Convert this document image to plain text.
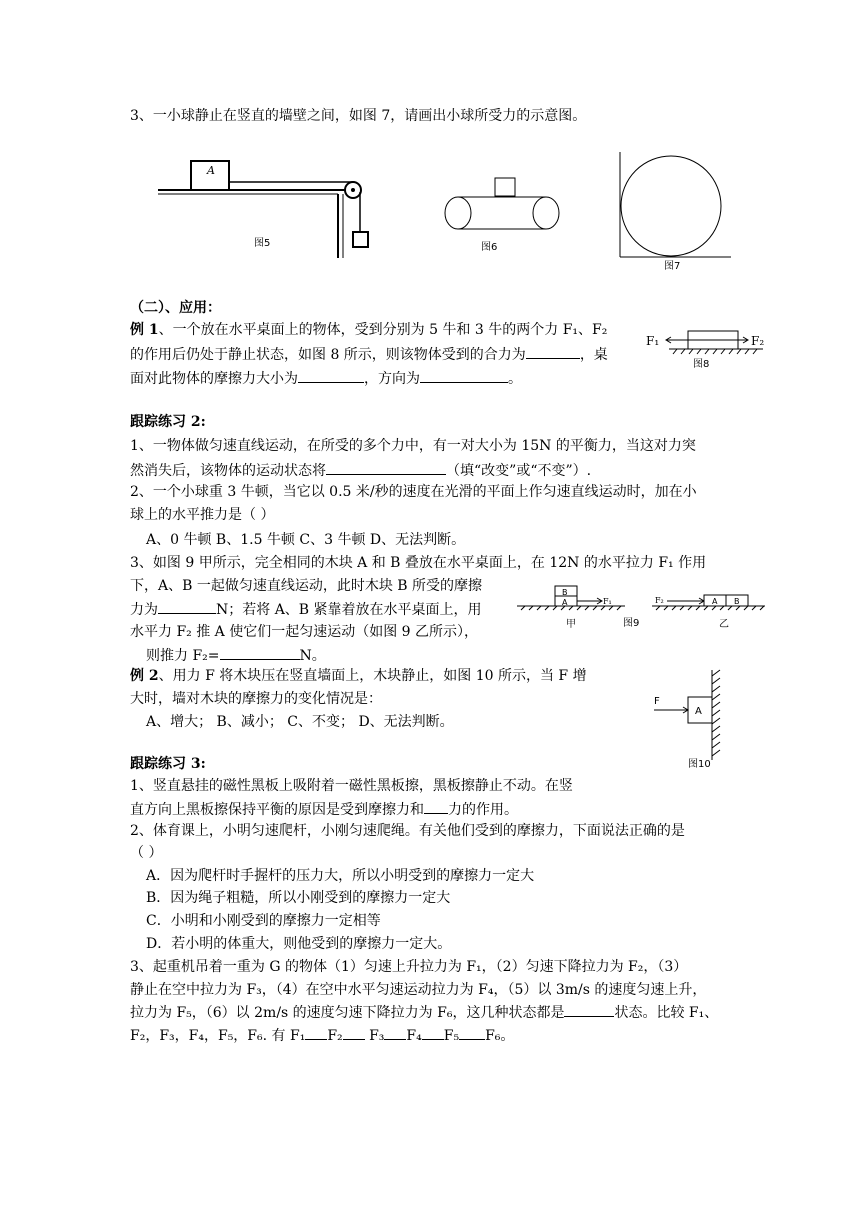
3、一小球静止在竖直的墙壁之间，如图 7，请画出小球所受力的示意图。
A
图5	图6
图7
（二）、应用：
例 1、一个放在水平桌面上的物体，受到分别为 5 牛和 3 牛的两个力 F₁、F₂
的作用后仍处于静止状态，如图 8 所示，则该物体受到的合力为	，桌
面对此物体的摩擦力大小为	，方向为	。
F₁	F₂
图8
跟踪练习 2:
1、一物体做匀速直线运动，在所受的多个力中，有一对大小为 15N 的平衡力，当这对力突
然消失后，该物体的运动状态将	（填“改变”或“不变”）.
2、一个小球重 3 牛顿，当它以 0.5 米/秒的速度在光滑的平面上作匀速直线运动时，加在小
球上的水平推力是（ ）
A、0 牛顿 B、1.5 牛顿 C、3 牛顿 D、无法判断。
3、如图 9 甲所示，完全相同的木块 A 和 B 叠放在水平桌面上，在 12N 的水平拉力 F₁ 作用
下，A、B 一起做匀速直线运动，此时木块 B 所受的摩擦
力为	N；若将 A、B 紧靠着放在水平桌面上，用
水平力 F₂ 推 A 使它们一起匀速运动（如图 9 乙所示），
则推力 F₂=	N。
B
A	F₁
甲	图9
F₂	A B
乙
例 2、用力 F 将木块压在竖直墙面上，木块静止，如图 10 所示，当 F 增
大时，墙对木块的摩擦力的变化情况是：
A、增大； B、减小； C、不变； D、无法判断。
A
F
图10
跟踪练习 3:
1、竖直悬挂的磁性黑板上吸附着一磁性黑板擦，黑板擦静止不动。在竖
直方向上黑板擦保持平衡的原因是受到摩擦力和 力的作用。
2、体育课上，小明匀速爬杆，小刚匀速爬绳。有关他们受到的摩擦力，下面说法正确的是
（ ）
A．因为爬杆时手握杆的压力大，所以小明受到的摩擦力一定大
B．因为绳子粗糙，所以小刚受到的摩擦力一定大
C．小明和小刚受到的摩擦力一定相等
D．若小明的体重大，则他受到的摩擦力一定大。
3、起重机吊着一重为 G 的物体（1）匀速上升拉力为 F₁，（2）匀速下降拉力为 F₂，（3）
静止在空中拉力为 F₃，（4）在空中水平匀速运动拉力为 F₄，（5）以 3m/s 的速度匀速上升，
拉力为 F₅，（6）以 2m/s 的速度匀速下降拉力为 F₆，这几种状态都是	状态。比较 F₁、
F₂，F₃，F₄，F₅，F₆. 有 F₁ F₂ F₃ F₄ F₅ F₆。
